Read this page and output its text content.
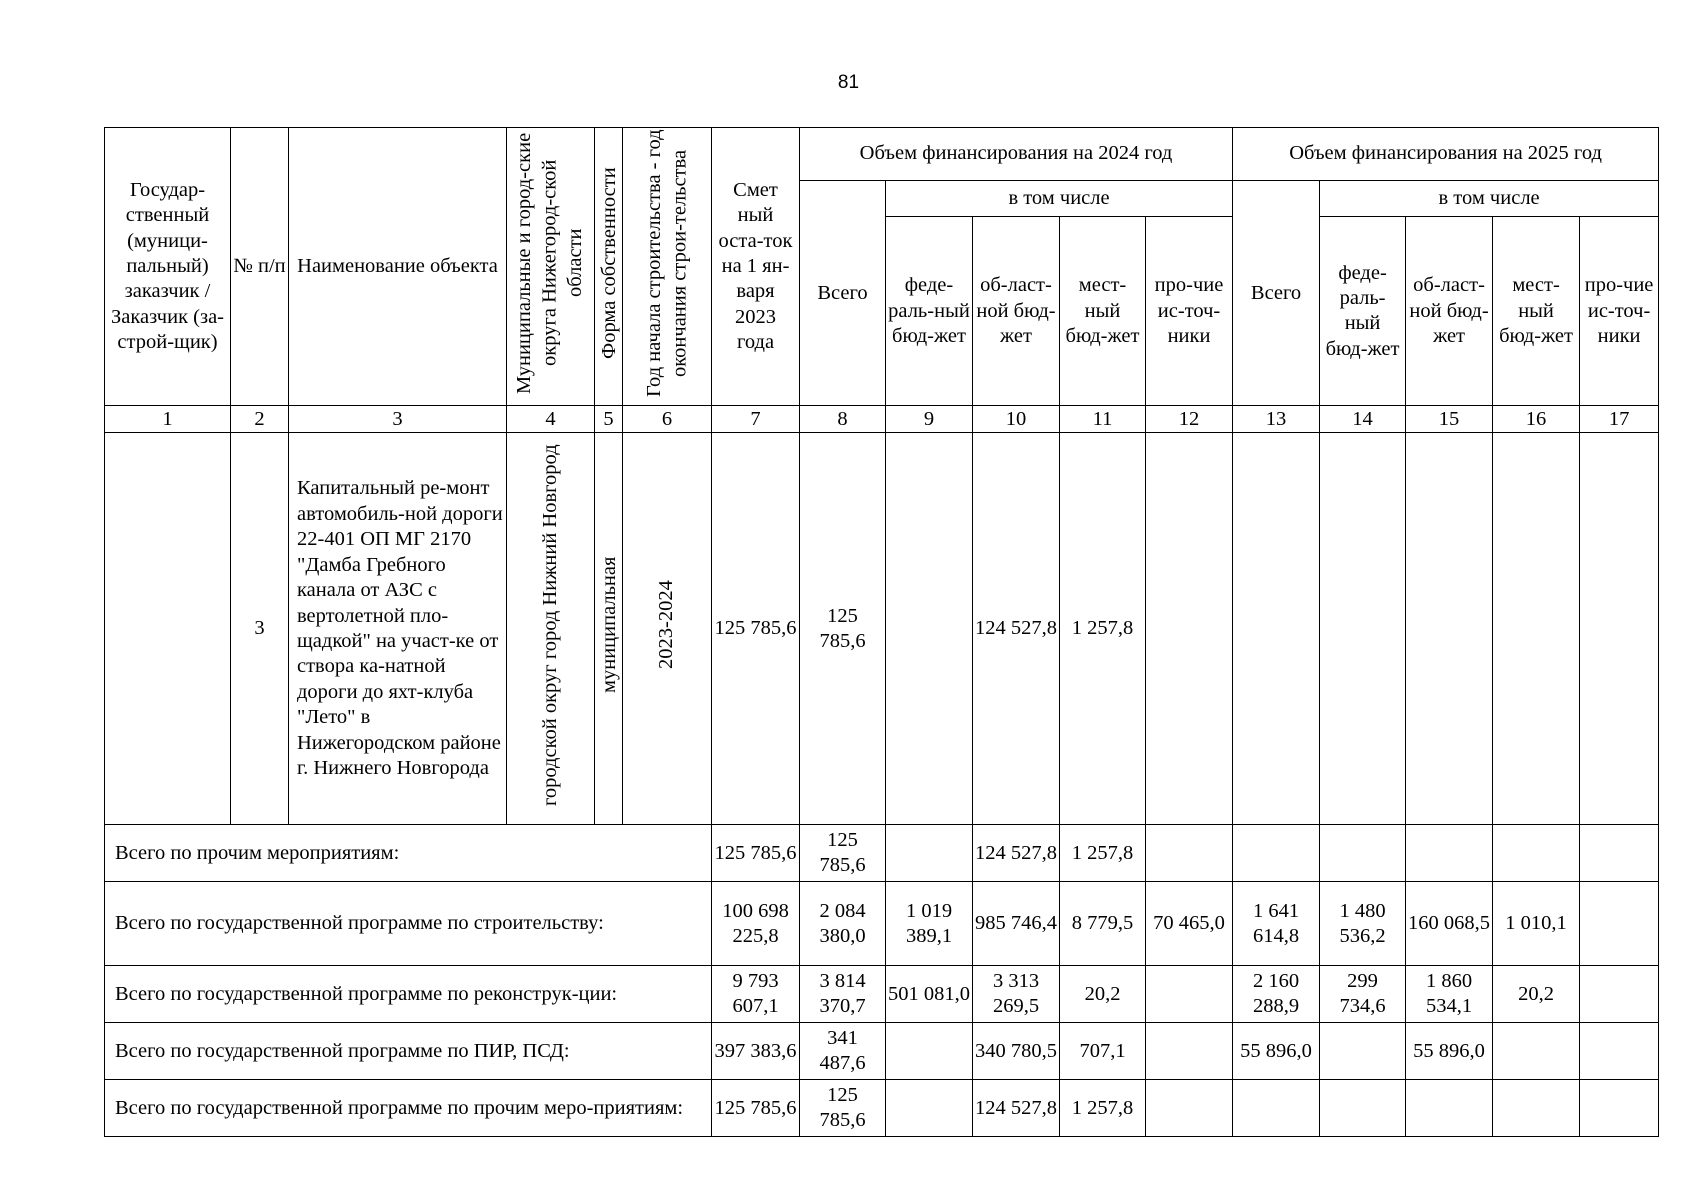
81
Государ-ственный (муници-пальный) заказчик /Заказчик (за-строй-щик)	№ п/п	Наименование объекта	Муниципальные и город-ские округа Нижегород-ской области	Форма собственности	Год начала строительства - год окончания строи-тельства	Смет ный оста-ток на 1 ян-варя 2023 года	Объем финансирования на 2024 год					Объем финансирования на 2025 год				
							Всего	в том числе				Всего	в том числе			
								феде-раль-ный бюд-жет	об-ласт-ной бюд-жет	мест-ный бюд-жет	про-чие ис-точ-ники		феде-раль-ный бюд-жет	об-ласт-ной бюд-жет	мест-ный бюд-жет	про-чие ис-точ-ники
1	2	3	4	5	6	7	8	9	10	11	12	13	14	15	16	17
	3	Капитальный ре-монт автомобиль-ной дороги 22-401 ОП МГ 2170 "Дамба Гребного канала от АЗС с вертолетной пло-щадкой" на участ-ке от створа ка-натной дороги до яхт-клуба "Лето" в Нижегородском районе г. Нижнего Новгорода	городской округ город Нижний Новгород	муниципальная	2023-2024	125 785,6	125 785,6		124 527,8	1 257,8						
Всего по прочим мероприятиям:						125 785,6	125 785,6		124 527,8	1 257,8						
Всего по государственной программе по строительству:						100 698 225,8	2 084 380,0	1 019 389,1	985 746,4	8 779,5	70 465,0	1 641 614,8	1 480 536,2	160 068,5	1 010,1	
Всего по государственной программе по реконструк-ции:						9 793 607,1	3 814 370,7	501 081,0	3 313 269,5	20,2		2 160 288,9	299 734,6	1 860 534,1	20,2	
Всего по государственной программе по ПИР, ПСД:						397 383,6	341 487,6		340 780,5	707,1		55 896,0		55 896,0		
Всего по государственной программе по прочим меро-приятиям:						125 785,6	125 785,6		124 527,8	1 257,8						
